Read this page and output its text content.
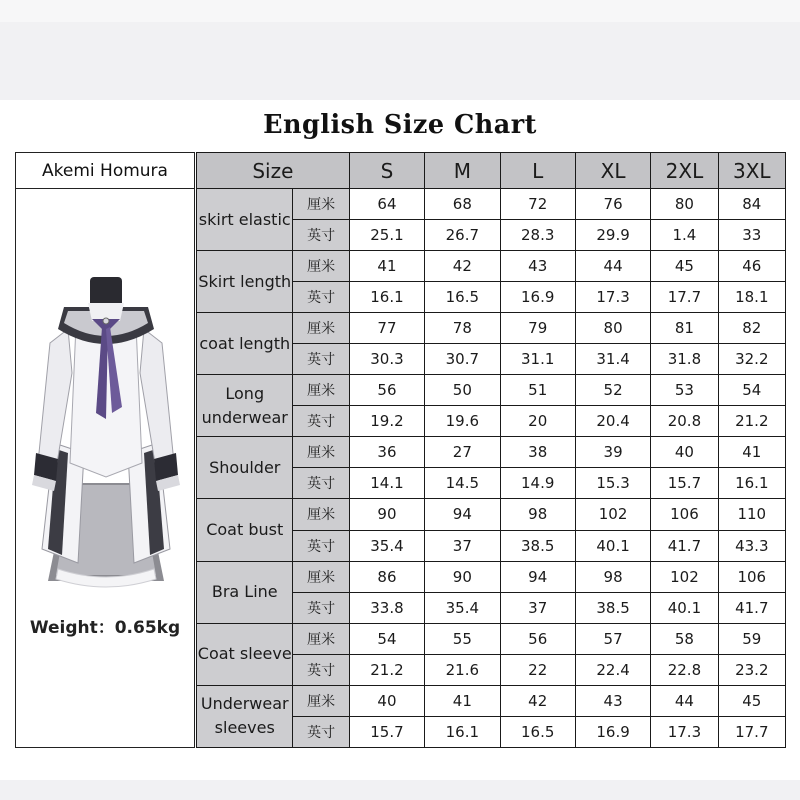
English Size Chart
Akemi Homura
Weight：0.65kg
Size		S	M	L	XL	2XL	3XL
skirt elastic	厘米	64	68	72	76	80	84
	英寸	25.1	26.7	28.3	29.9	1.4	33
Skirt length	厘米	41	42	43	44	45	46
	英寸	16.1	16.5	16.9	17.3	17.7	18.1
coat length	厘米	77	78	79	80	81	82
	英寸	30.3	30.7	31.1	31.4	31.8	32.2
Long underwear	厘米	56	50	51	52	53	54
	英寸	19.2	19.6	20	20.4	20.8	21.2
Shoulder	厘米	36	27	38	39	40	41
	英寸	14.1	14.5	14.9	15.3	15.7	16.1
Coat bust	厘米	90	94	98	102	106	110
	英寸	35.4	37	38.5	40.1	41.7	43.3
Bra Line	厘米	86	90	94	98	102	106
	英寸	33.8	35.4	37	38.5	40.1	41.7
Coat sleeve	厘米	54	55	56	57	58	59
	英寸	21.2	21.6	22	22.4	22.8	23.2
Underwear sleeves	厘米	40	41	42	43	44	45
	英寸	15.7	16.1	16.5	16.9	17.3	17.7
